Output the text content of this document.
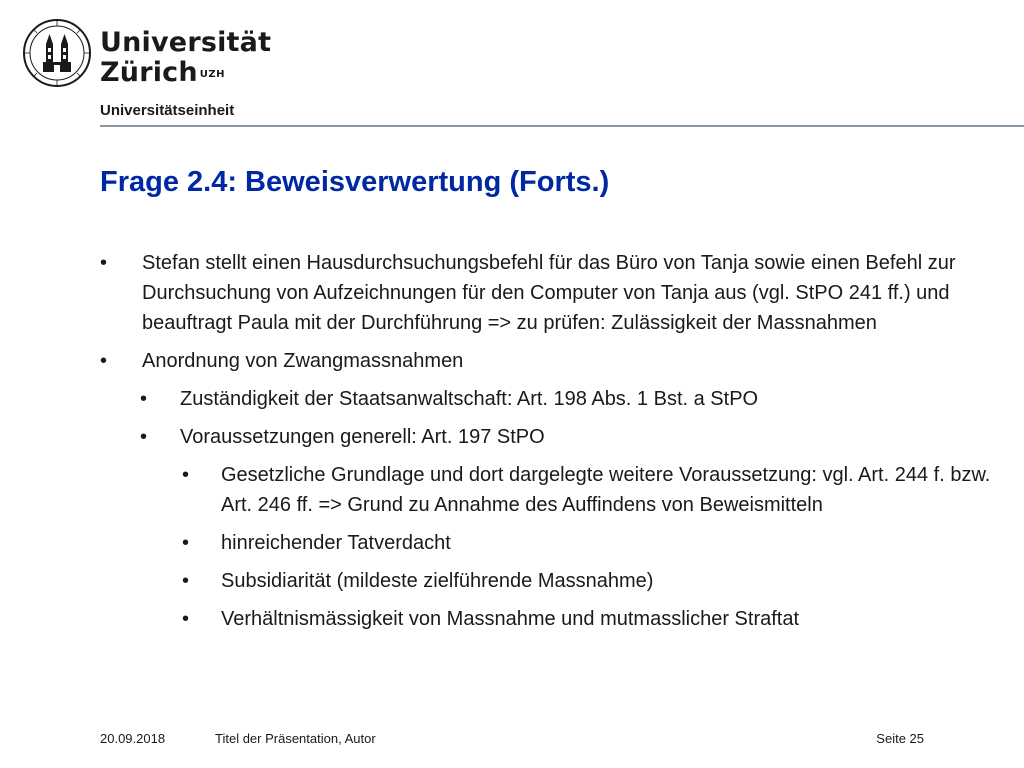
Universität
Zürich $^{UZH}$
Universitätseinheit
Frage 2.4: Beweisverwertung (Forts.)
• Stefan stellt einen Hausdurchsuchungsbefehl für das Büro von Tanja sowie einen Befehl zur Durchsuchung von Aufzeichnungen für den Computer von Tanja aus (vgl. StPO 241 ff.) und beauftragt Paula mit der Durchführung => zu prüfen: Zulässigkeit der Massnahmen
• Anordnung von Zwangmassnahmen
• Zuständigkeit der Staatsanwaltschaft: Art. 198 Abs. 1 Bst. a StPO
• Voraussetzungen generell: Art. 197 StPO
• Gesetzliche Grundlage und dort dargelegte weitere Voraussetzung: vgl. Art. 244 f. bzw. Art. 246 ff. => Grund zu Annahme des Auffindens von Beweismitteln
• hinreichender Tatverdacht
• Subsidiarität (mildeste zielführende Massnahme)
• Verhältnismässigkeit von Massnahme und mutmasslicher Straftat
20.09.2018	Titel der Präsentation, Autor	Seite 25
